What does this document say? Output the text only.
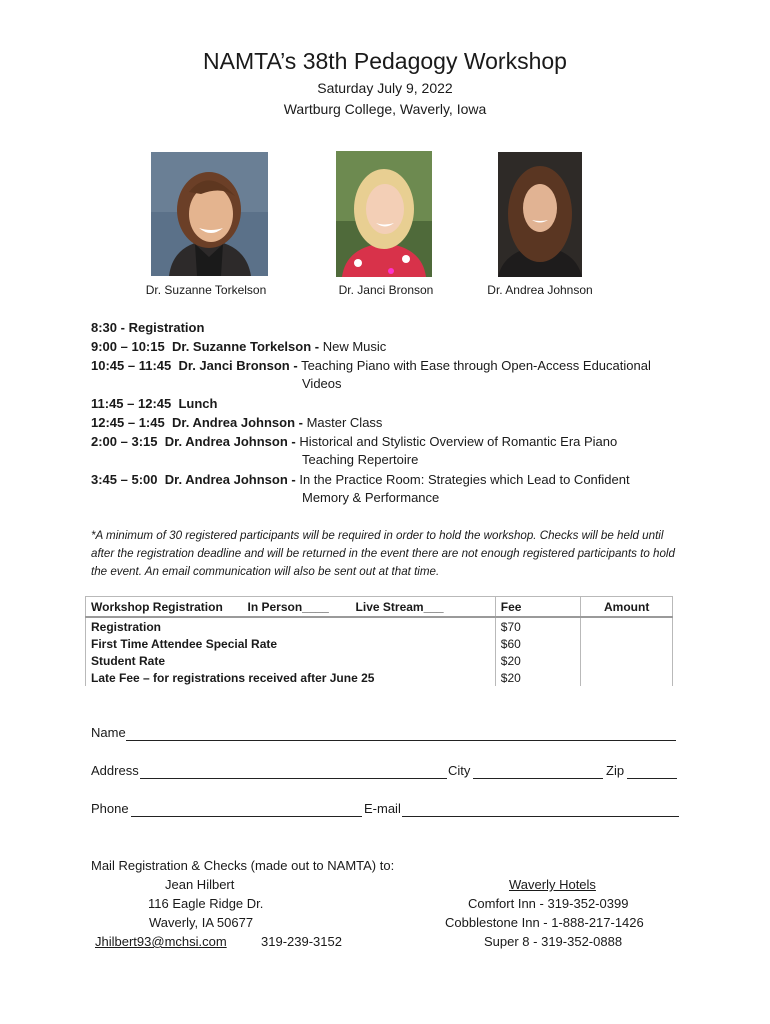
NAMTA’s 38th Pedagogy Workshop
Saturday July 9, 2022
Wartburg College, Waverly, Iowa
Dr. Suzanne Torkelson	Dr. Janci Bronson	Dr. Andrea Johnson
8:30 - Registration
9:00 – 10:15 Dr. Suzanne Torkelson - New Music
10:45 – 11:45 Dr. Janci Bronson - Teaching Piano with Ease through Open-Access Educational
Videos
11:45 – 12:45 Lunch
12:45 – 1:45 Dr. Andrea Johnson - Master Class
2:00 – 3:15 Dr. Andrea Johnson - Historical and Stylistic Overview of Romantic Era Piano
Teaching Repertoire
3:45 – 5:00 Dr. Andrea Johnson - In the Practice Room: Strategies which Lead to Confident
Memory & Performance
*A minimum of 30 registered participants will be required in order to hold the workshop. Checks will be held until after the registration deadline and will be returned in the event there are not enough registered participants to hold the event. An email communication will also be sent out at that time.
Workshop Registration In Person____ Live Stream___	Fee	Amount
Registration	$70	
First Time Attendee Special Rate	$60	
Student Rate	$20	
Late Fee – for registrations received after June 25	$20	
Name
Address	City	Zip
Phone	E-mail
Mail Registration & Checks (made out to NAMTA) to:
Jean Hilbert
116 Eagle Ridge Dr.
Waverly, IA 50677
Jhilbert93@mchsi.com	319-239-3152
Waverly Hotels
Comfort Inn - 319-352-0399
Cobblestone Inn - 1-888-217-1426
Super 8 - 319-352-0888
